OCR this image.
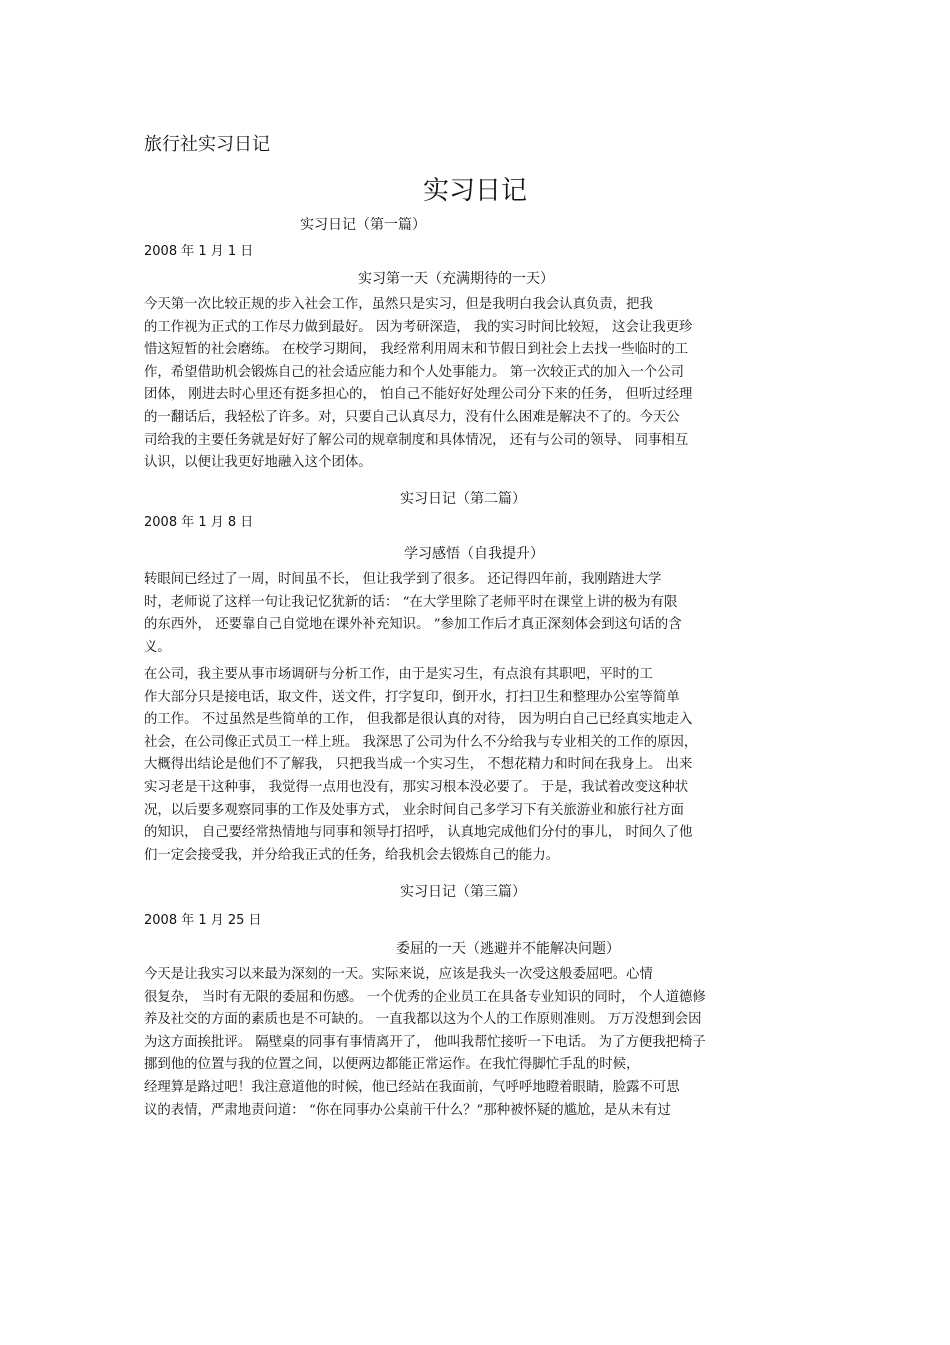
旅行社实习日记
实习日记
实习日记（第一篇）
2008 年 1 月 1 日
实习第一天（充满期待的一天）
今天第一次比较正规的步入社会工作，虽然只是实习，但是我明白我会认真负责，把我
的工作视为正式的工作尽力做到最好。 因为考研深造， 我的实习时间比较短， 这会让我更珍
惜这短暂的社会磨练。 在校学习期间， 我经常利用周末和节假日到社会上去找一些临时的工
作，希望借助机会锻炼自己的社会适应能力和个人处事能力。 第一次较正式的加入一个公司
团体， 刚进去时心里还有挺多担心的， 怕自己不能好好处理公司分下来的任务， 但听过经理
的一翻话后，我轻松了许多。对，只要自己认真尽力，没有什么困难是解决不了的。今天公
司给我的主要任务就是好好了解公司的规章制度和具体情况， 还有与公司的领导、 同事相互
认识，以便让我更好地融入这个团体。
实习日记（第二篇）
2008 年 1 月 8 日
学习感悟（自我提升）
转眼间已经过了一周，时间虽不长， 但让我学到了很多。 还记得四年前，我刚踏进大学
时，老师说了这样一句让我记忆犹新的话： “在大学里除了老师平时在课堂上讲的极为有限
的东西外， 还要靠自己自觉地在课外补充知识。 ”参加工作后才真正深刻体会到这句话的含
义。
在公司，我主要从事市场调研与分析工作，由于是实习生，有点浪有其职吧，平时的工
作大部分只是接电话，取文件，送文件，打字复印，倒开水，打扫卫生和整理办公室等简单
的工作。 不过虽然是些简单的工作， 但我都是很认真的对待， 因为明白自己已经真实地走入
社会，在公司像正式员工一样上班。 我深思了公司为什么不分给我与专业相关的工作的原因，
大概得出结论是他们不了解我， 只把我当成一个实习生， 不想花精力和时间在我身上。 出来
实习老是干这种事， 我觉得一点用也没有，那实习根本没必要了。 于是，我试着改变这种状
况，以后要多观察同事的工作及处事方式， 业余时间自己多学习下有关旅游业和旅行社方面
的知识， 自己要经常热情地与同事和领导打招呼， 认真地完成他们分付的事儿， 时间久了他
们一定会接受我，并分给我正式的任务，给我机会去锻炼自己的能力。
实习日记（第三篇）
2008 年 1 月 25 日
委屈的一天（逃避并不能解决问题）
今天是让我实习以来最为深刻的一天。实际来说，应该是我头一次受这般委屈吧。心情
很复杂， 当时有无限的委屈和伤感。 一个优秀的企业员工在具备专业知识的同时， 个人道德修
养及社交的方面的素质也是不可缺的。 一直我都以这为个人的工作原则准则。 万万没想到会因
为这方面挨批评。 隔壁桌的同事有事情离开了， 他叫我帮忙接听一下电话。 为了方便我把椅子
挪到他的位置与我的位置之间，以便两边都能正常运作。在我忙得脚忙手乱的时候，
经理算是路过吧！我注意道他的时候，他已经站在我面前，气呼呼地瞪着眼睛，脸露不可思
议的表情，严肃地责问道： “你在同事办公桌前干什么？”那种被怀疑的尴尬，是从未有过
